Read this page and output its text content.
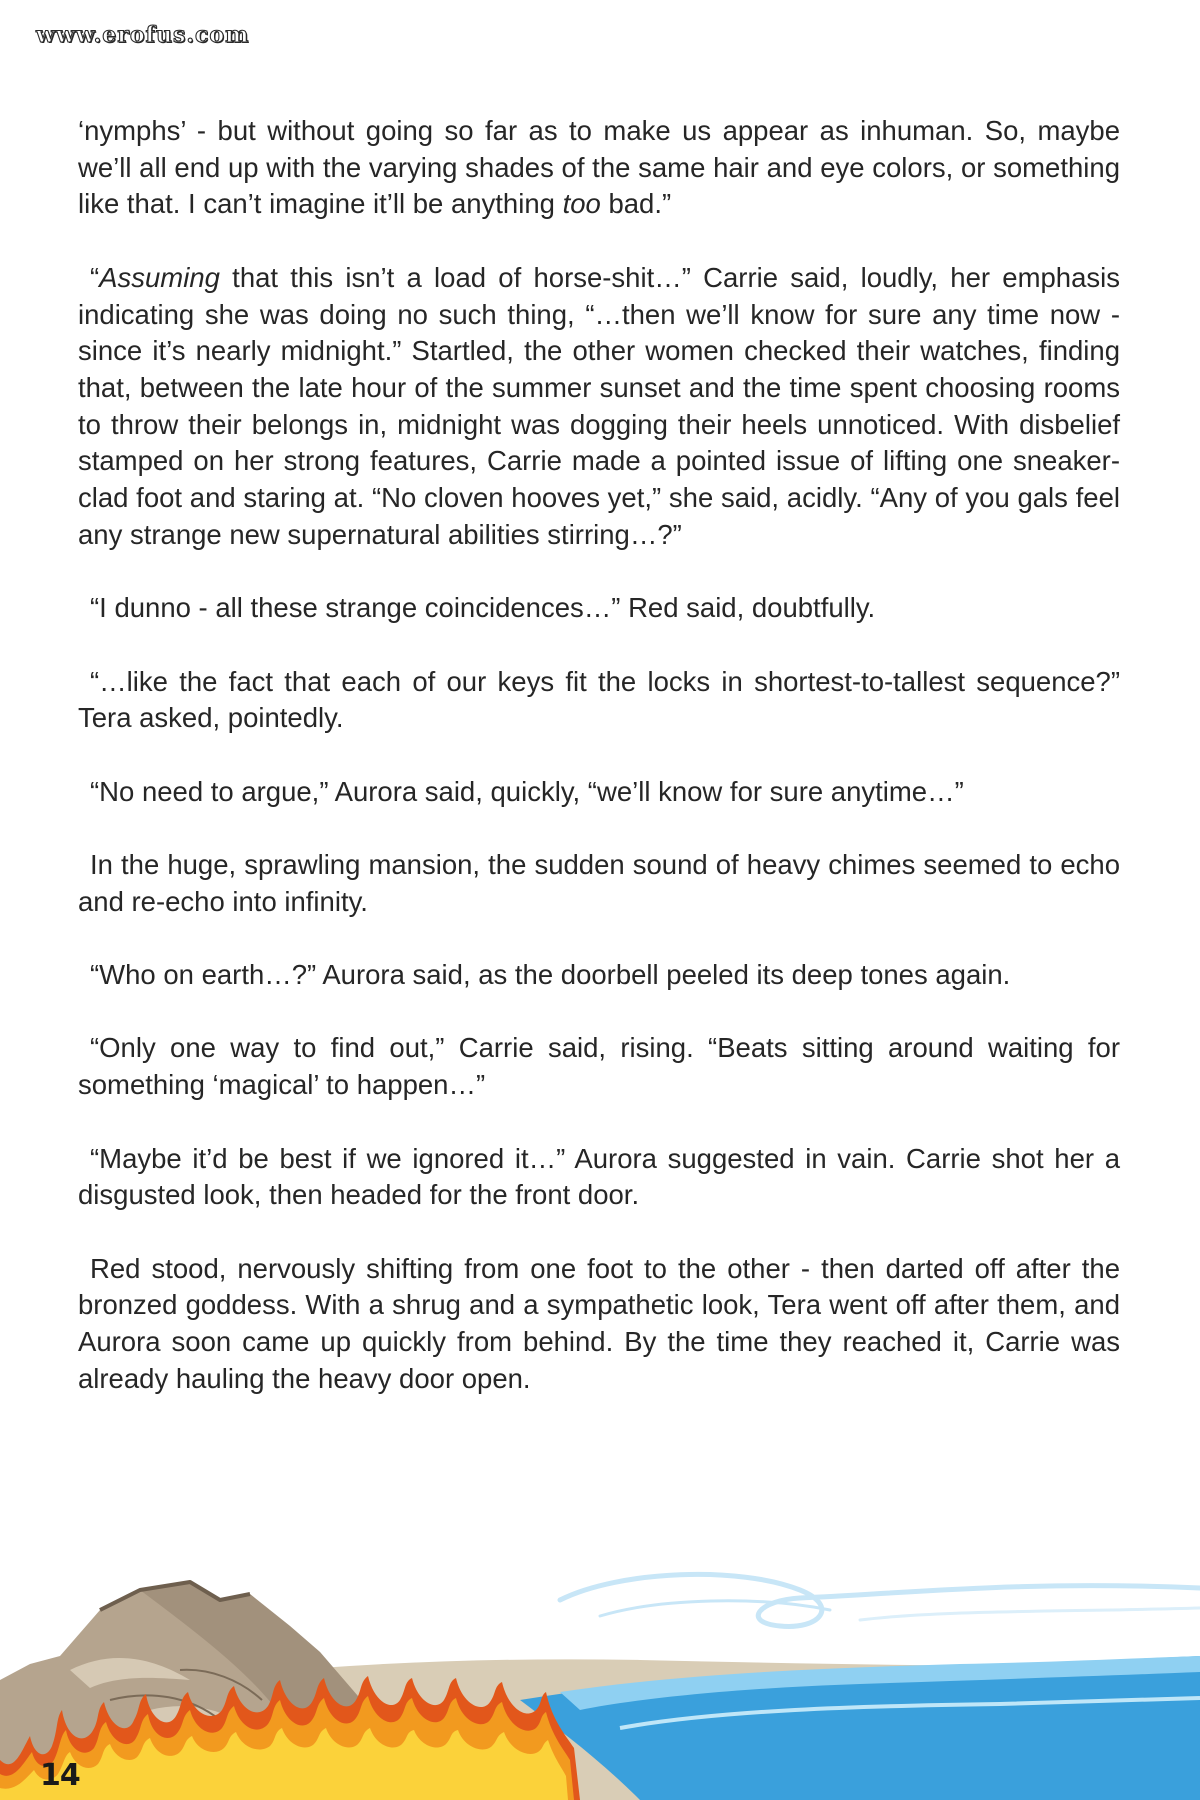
www.erofus.com

‘nymphs’ - but without going so far as to make us appear as inhuman. So, maybe we’ll all end up with the varying shades of the same hair and eye colors, or something like that. I can’t imagine it’ll be anything too bad.”

“Assuming that this isn’t a load of horse-shit…” Carrie said, loudly, her emphasis indicating she was doing no such thing, “…then we’ll know for sure any time now - since it’s nearly midnight.” Startled, the other women checked their watches, finding that, between the late hour of the summer sunset and the time spent choosing rooms to throw their belongs in, midnight was dogging their heels unnoticed. With disbelief stamped on her strong features, Carrie made a pointed issue of lifting one sneaker-clad foot and staring at. “No cloven hooves yet,” she said, acidly. “Any of you gals feel any strange new supernatural abilities stirring…?”

“I dunno - all these strange coincidences…” Red said, doubtfully.

“…like the fact that each of our keys fit the locks in shortest-to-tallest sequence?” Tera asked, pointedly.

“No need to argue,” Aurora said, quickly, “we’ll know for sure anytime…”

In the huge, sprawling mansion, the sudden sound of heavy chimes seemed to echo and re-echo into infinity.

“Who on earth…?” Aurora said, as the doorbell peeled its deep tones again.

“Only one way to find out,” Carrie said, rising. “Beats sitting around waiting for something ‘magical’ to happen…”

“Maybe it’d be best if we ignored it…” Aurora suggested in vain. Carrie shot her a disgusted look, then headed for the front door.

Red stood, nervously shifting from one foot to the other - then darted off after the bronzed goddess. With a shrug and a sympathetic look, Tera went off after them, and Aurora soon came up quickly from behind. By the time they reached it, Carrie was already hauling the heavy door open.

14
